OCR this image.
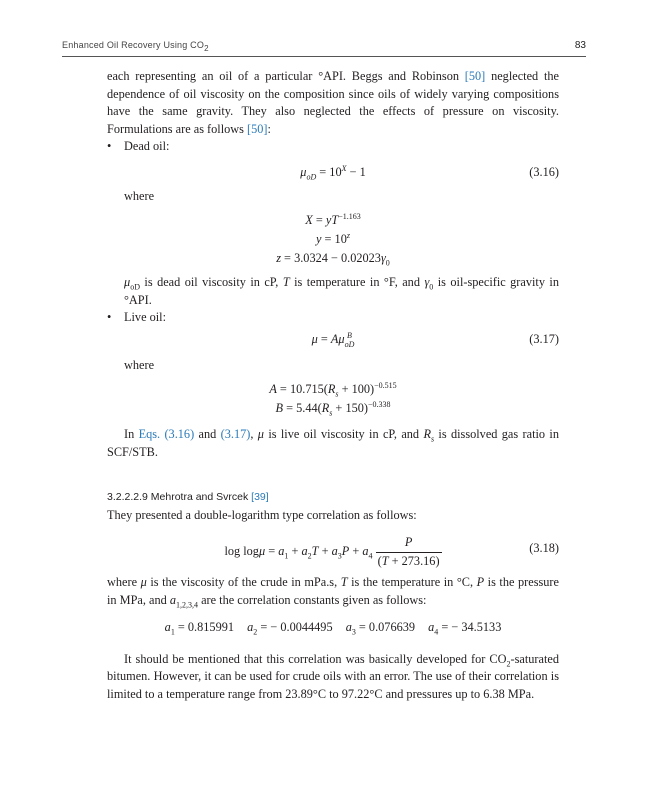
Enhanced Oil Recovery Using $CO_2$	83

each representing an oil of a particular °API. Beggs and Robinson [50] neglected the dependence of oil viscosity on the composition since oils of widely varying compositions have the same gravity. They also neglected the effects of pressure on viscosity. Formulations are as follows [50]:

• Dead oil:
$\mu_{oD} = 10^X - 1$	(3.16)
where
$X = yT^{-1.163}$
$y = 10^z$
$z = 3.0324 - 0.02023\gamma_0$

$\mu_{oD}$ is dead oil viscosity in cP, T is temperature in °F, and $\gamma_0$ is oil-specific gravity in °API.

• Live oil:
μ = Aμ B
oD	(3.17)
where
$A = 10.715(R_s + 100)^{-0.515}$
$B = 5.44(R_s + 150)^{-0.338}$

In Eqs. (3.16) and (3.17), μ is live oil viscosity in cP, and $R_s$ is dissolved gas ratio in SCF/STB.

3.2.2.2.9 Mehrotra and Svrcek [39]

They presented a double-logarithm type correlation as follows:

$\log \log\mu = a_1 + a_2T + a_3P + a_4 \frac{P}{(T + 273.16)}$	(3.18)

where μ is the viscosity of the crude in mPa.s, T is the temperature in °C, P is the pressure in MPa, and $a_{1,2,3,4}$ are the correlation constants given as follows:

$a_1 = 0.815991$ $a_2$ = − 0.0044495 $a_3 = 0.076639$ $a_4$ = − 34.5133

It should be mentioned that this correlation was basically developed for $CO_2$-saturated bitumen. However, it can be used for crude oils with an error. The use of their correlation is limited to a temperature range from 23.89°C to 97.22°C and pressures up to 6.38 MPa.
